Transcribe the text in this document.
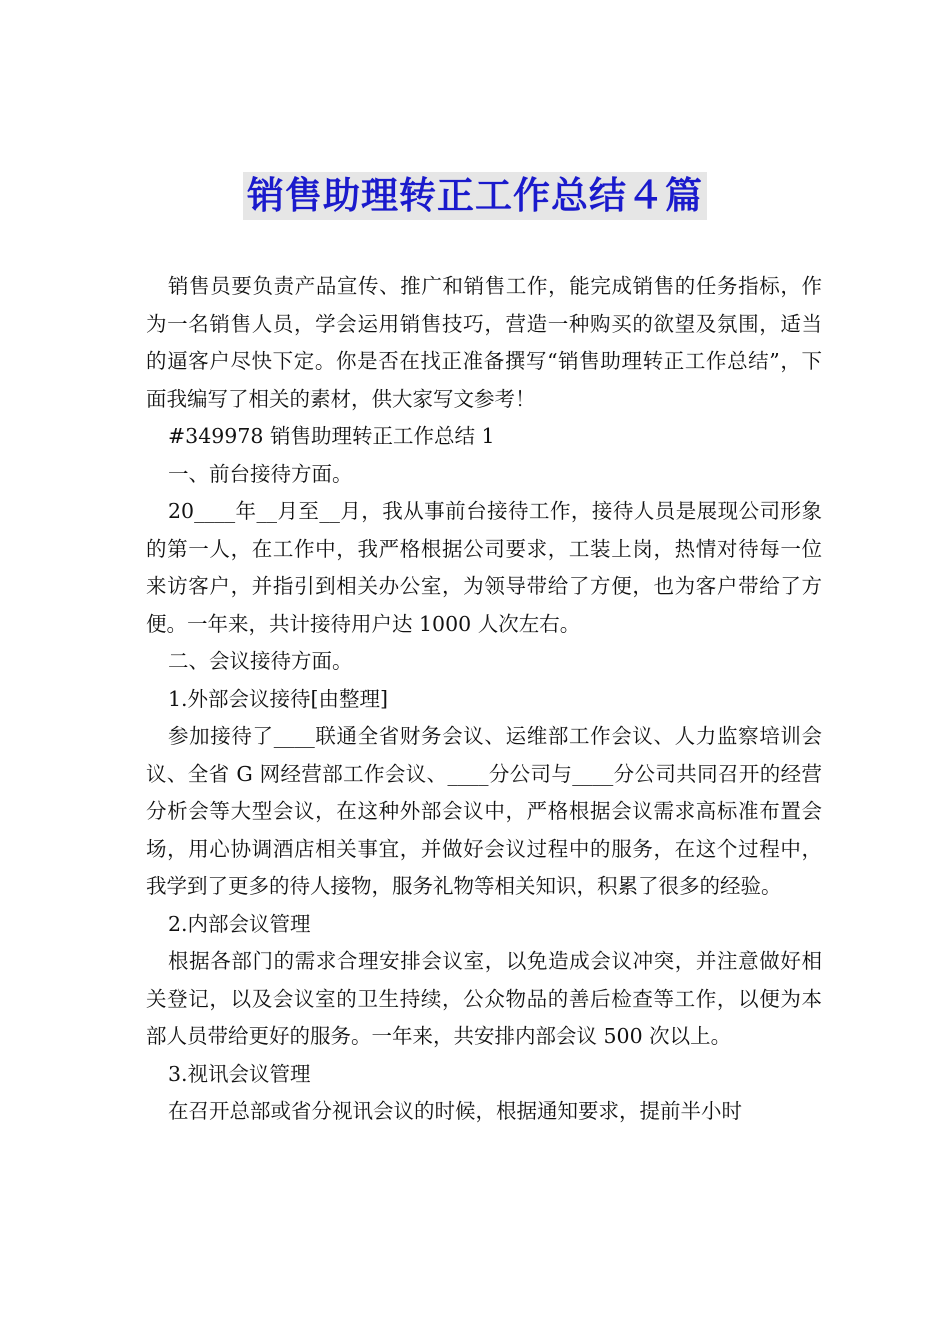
销售助理转正工作总结４篇

销售员要负责产品宣传、推广和销售工作，能完成销售的任务指标，作为一名销售人员，学会运用销售技巧，营造一种购买的欲望及氛围，适当的逼客户尽快下定。你是否在找正准备撰写“销售助理转正工作总结”，下面我编写了相关的素材，供大家写文参考！

#349978 销售助理转正工作总结 1

一、前台接待方面。

20____年__月至__月，我从事前台接待工作，接待人员是展现公司形象的第一人，在工作中，我严格根据公司要求，工装上岗，热情对待每一位来访客户，并指引到相关办公室，为领导带给了方便，也为客户带给了方便。一年来，共计接待用户达 1000 人次左右。

二、会议接待方面。

1.外部会议接待[由整理]

参加接待了____联通全省财务会议、运维部工作会议、人力监察培训会议、全省 G 网经营部工作会议、____分公司与____分公司共同召开的经营分析会等大型会议，在这种外部会议中，严格根据会议需求高标准布置会场，用心协调酒店相关事宜，并做好会议过程中的服务，在这个过程中，我学到了更多的待人接物，服务礼物等相关知识，积累了很多的经验。

2.内部会议管理

根据各部门的需求合理安排会议室，以免造成会议冲突，并注意做好相关登记，以及会议室的卫生持续，公众物品的善后检查等工作，以便为本部人员带给更好的服务。一年来，共安排内部会议 500 次以上。

3.视讯会议管理

在召开总部或省分视讯会议的时候，根据通知要求，提前半小时
